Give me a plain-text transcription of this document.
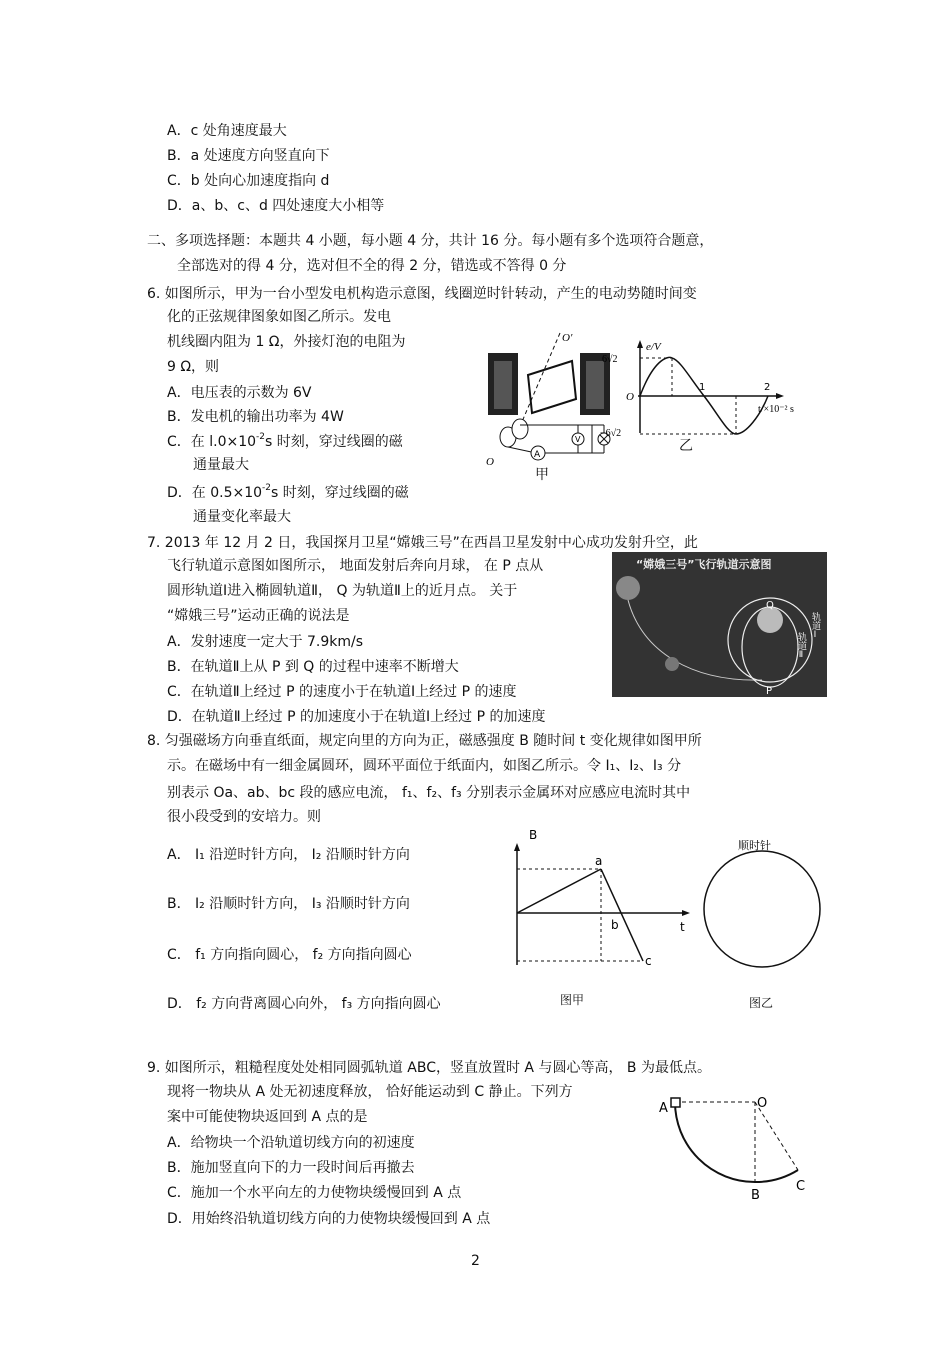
A．c 处角速度最大
B．a 处速度方向竖直向下
C．b 处向心加速度指向 d
D．a、b、c、d 四处速度大小相等
二、多项选择题：本题共 4 小题，每小题 4 分，共计 16 分。每小题有多个选项符合题意，
全部选对的得 4 分，选对但不全的得 2 分，错选或不答得 0 分
6. 如图所示，甲为一台小型发电机构造示意图，线圈逆时针转动，产生的电动势随时间变
化的正弦规律图象如图乙所示。发电
机线圈内阻为 1 Ω，外接灯泡的电阻为
9 Ω，则
A．电压表的示数为 6V
B．发电机的输出功率为 4W
C．在 $l.0\times 10^{-2}s$ 时刻，穿过线圈的磁
通量最大
D．在 $0.5\times 10^{-2}s$ 时刻，穿过线圈的磁
通量变化率最大
O′
O
A
V
甲
e/V
6√2
−6√2
O
1	2
t/×10⁻² s
乙
7. 2013 年 12 月 2 日，我国探月卫星“嫦娥三号”在西昌卫星发射中心成功发射升空，此
飞行轨道示意图如图所示， 地面发射后奔向月球， 在 P 点从
圆形轨道Ⅰ进入椭圆轨道Ⅱ， Q 为轨道Ⅱ上的近月点。 关于
“嫦娥三号”运动正确的说法是
A．发射速度一定大于 7.9km/s
B．在轨道Ⅱ上从 P 到 Q 的过程中速率不断增大
C．在轨道Ⅱ上经过 P 的速度小于在轨道Ⅰ上经过 P 的速度
D．在轨道Ⅱ上经过 P 的加速度小于在轨道Ⅰ上经过 P 的加速度
“嫦娥三号”飞行轨道示意图
Q
P
轨道Ⅰ
轨道Ⅱ
8. 匀强磁场方向垂直纸面，规定向里的方向为正，磁感强度 B 随时间 t 变化规律如图甲所
示。在磁场中有一细金属圆环，圆环平面位于纸面内，如图乙所示。令 I₁、I₂、I₃ 分
别表示 Oa、ab、bc 段的感应电流， f₁、f₂、f₃ 分别表示金属环对应感应电流时其中
很小段受到的安培力。则
A． I₁ 沿逆时针方向， I₂ 沿顺时针方向
B． I₂ 沿顺时针方向， I₃ 沿顺时针方向
C． f₁ 方向指向圆心， f₂ 方向指向圆心
D． f₂ 方向背离圆心向外， f₃ 方向指向圆心
B
t
a
b
c
图甲
顺时针
图乙
9. 如图所示，粗糙程度处处相同圆弧轨道 ABC，竖直放置时 A 与圆心等高， B 为最低点。
现将一物块从 A 处无初速度释放， 恰好能运动到 C 静止。下列方
案中可能使物块返回到 A 点的是
A．给物块一个沿轨道切线方向的初速度
B．施加竖直向下的力一段时间后再撤去
C．施加一个水平向左的力使物块缓慢回到 A 点
D．用始终沿轨道切线方向的力使物块缓慢回到 A 点
A	O
B
C
2
